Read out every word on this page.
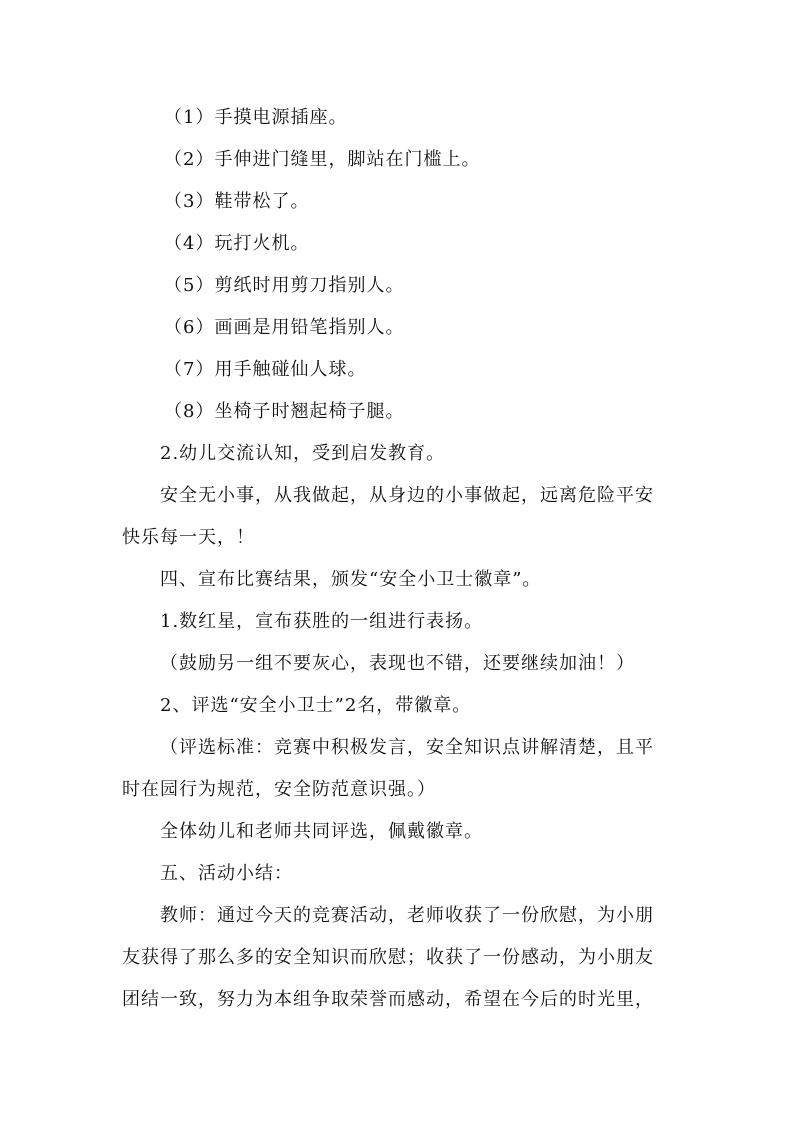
（1）手摸电源插座。
（2）手伸进门缝里，脚站在门槛上。
（3）鞋带松了。
（4）玩打火机。
（5）剪纸时用剪刀指别人。
（6）画画是用铅笔指别人。
（7）用手触碰仙人球。
（8）坐椅子时翘起椅子腿。
2.幼儿交流认知，受到启发教育。
安全无小事，从我做起，从身边的小事做起，远离危险平安
快乐每一天，！
四、宣布比赛结果，颁发“安全小卫士徽章”。
1.数红星，宣布获胜的一组进行表扬。
（鼓励另一组不要灰心，表现也不错，还要继续加油！）
2、评选“安全小卫士”2名，带徽章。
（评选标准：竞赛中积极发言，安全知识点讲解清楚，且平
时在园行为规范，安全防范意识强。）
全体幼儿和老师共同评选，佩戴徽章。
五、活动小结：
教师：通过今天的竞赛活动，老师收获了一份欣慰，为小朋
友获得了那么多的安全知识而欣慰；收获了一份感动，为小朋友
团结一致，努力为本组争取荣誉而感动，希望在今后的时光里，
